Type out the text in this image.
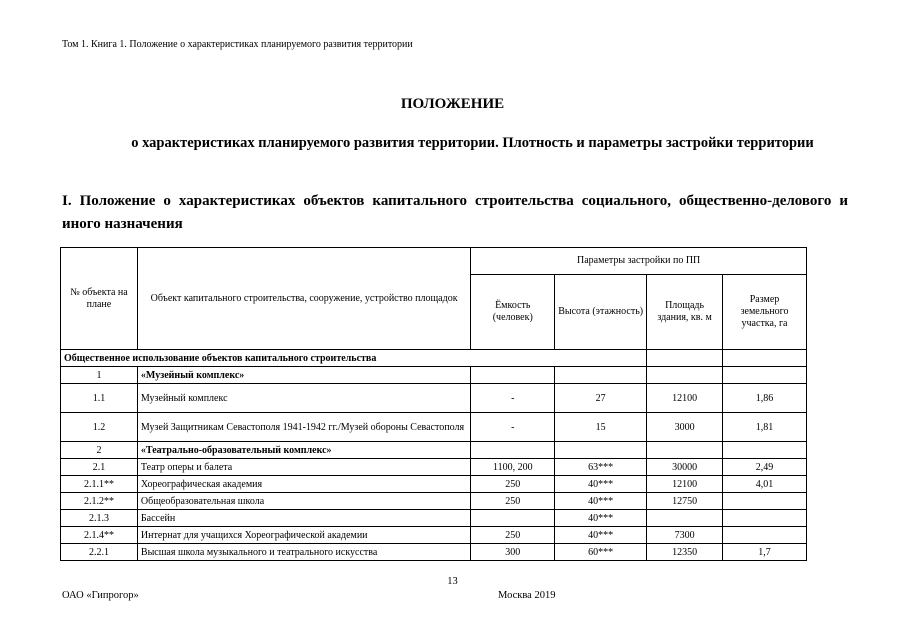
Том 1. Книга 1. Положение о характеристиках планируемого развития территории
ПОЛОЖЕНИЕ
о характеристиках планируемого развития территории. Плотность и параметры застройки территории
I. Положение о характеристиках объектов капитального строительства социального, общественно-делового и иного назначения
№ объекта на плане	Объект капитального строительства, сооружение, устройство площадок	Параметры застройки по ПП			
		Ёмкость (человек)	Высота (этажность)	Площадь здания, кв. м	Размер земельного участка, га
Общественное использование объектов капитального строительства					
1	«Музейный комплекс»				
1.1	Музейный комплекс	-	27	12100	1,86
1.2	Музей Защитникам Севастополя 1941-1942 гг./Музей обороны Севастополя	-	15	3000	1,81
2	«Театрально-образовательный комплекс»				
2.1	Театр оперы и балета	1100, 200	63***	30000	2,49
2.1.1**	Хореографическая академия	250	40***	12100	4,01
2.1.2**	Общеобразовательная школа	250	40***	12750	
2.1.3	Бассейн		40***		
2.1.4**	Интернат для учащихся Хореографической академии	250	40***	7300	
2.2.1	Высшая школа музыкального и театрального искусства	300	60***	12350	1,7
13
ОАО «Гипрогор»	Москва 2019
